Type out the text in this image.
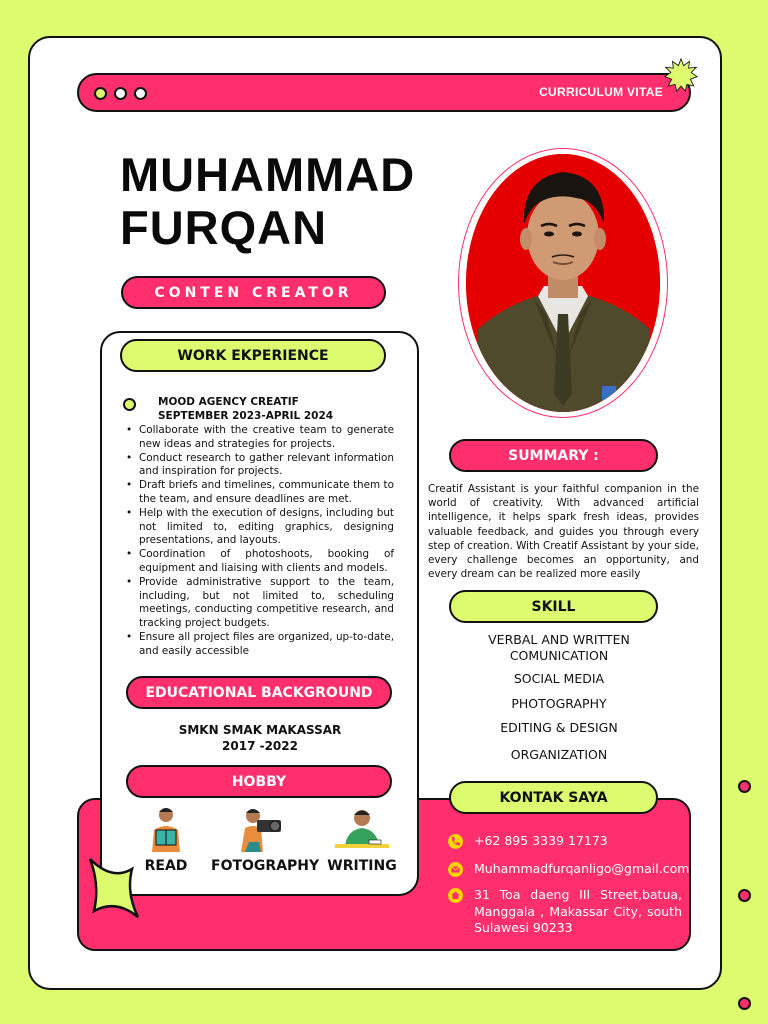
CURRICULUM VITAE
MUHAMMAD
FURQAN
CONTEN CREATOR
WORK EKPERIENCE
MOOD AGENCY CREATIF
SEPTEMBER 2023-APRIL 2024
• Collaborate with the creative team to generate new ideas and strategies for projects.
• Conduct research to gather relevant information and inspiration for projects.
• Draft briefs and timelines, communicate them to the team, and ensure deadlines are met.
• Help with the execution of designs, including but not limited to, editing graphics, designing presentations, and layouts.
• Coordination of photoshoots, booking of equipment and liaising with clients and models.
• Provide administrative support to the team, including, but not limited to, scheduling meetings, conducting competitive research, and tracking project budgets.
• Ensure all project files are organized, up-to-date, and easily accessible
EDUCATIONAL BACKGROUND
SMKN SMAK MAKASSAR
2017 -2022
HOBBY
READ	FOTOGRAPHY WRITING
SUMMARY :
Creatif Assistant is your faithful companion in the world of creativity. With advanced artificial intelligence, it helps spark fresh ideas, provides valuable feedback, and guides you through every step of creation. With Creatif Assistant by your side, every challenge becomes an opportunity, and every dream can be realized more easily
SKILL
VERBAL AND WRITTEN COMUNICATION
SOCIAL MEDIA
PHOTOGRAPHY
EDITING & DESIGN
ORGANIZATION
KONTAK SAYA
+62 895 3339 17173
Muhammadfurqanligo@gmail.com
31 Toa daeng III Street,batua, Manggala , Makassar City, south Sulawesi 90233
